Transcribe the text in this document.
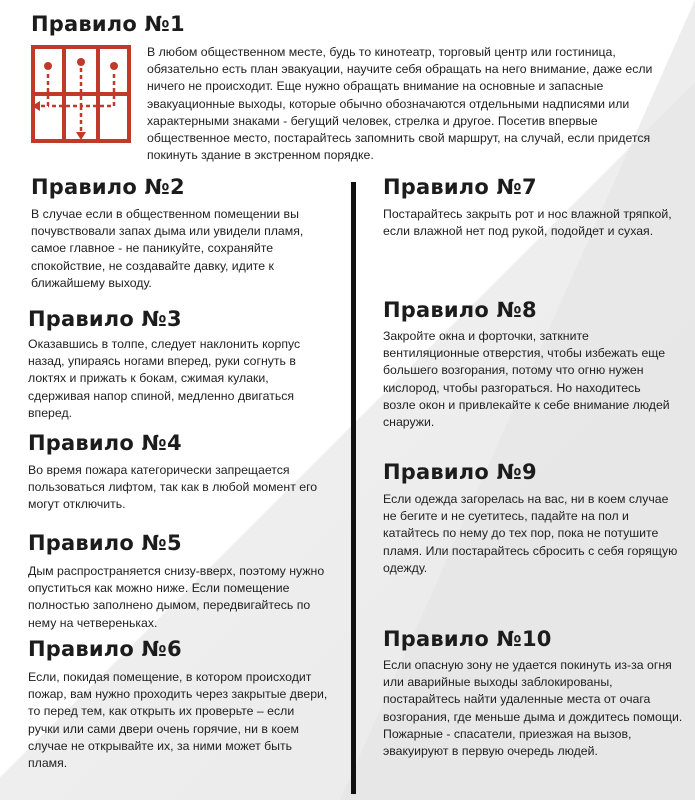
Правило №1
В любом общественном месте, будь то кинотеатр, торговый центр или гостиница, обязательно есть план эвакуации, научите себя обращать на него внимание, даже если ничего не происходит. Еще нужно обращать внимание на основные и запасные эвакуационные выходы, которые обычно обозначаются отдельными надписями или характерными знаками - бегущий человек, стрелка и другое. Посетив впервые общественное место, постарайтесь запомнить свой маршрут, на случай, если придется покинуть здание в экстренном порядке.
Правило №2
В случае если в общественном помещении вы почувствовали запах дыма или увидели пламя, самое главное - не паникуйте, сохраняйте спокойствие, не создавайте давку, идите к ближайшему выходу.
Правило №3
Оказавшись в толпе, следует наклонить корпус назад, упираясь ногами вперед, руки согнуть в локтях и прижать к бокам, сжимая кулаки, сдерживая напор спиной, медленно двигаться вперед.
Правило №4
Во время пожара категорически запрещается пользоваться лифтом, так как в любой момент его могут отключить.
Правило №5
Дым распространяется снизу-вверх, поэтому нужно опуститься как можно ниже. Если помещение полностью заполнено дымом, передвигайтесь по нему на четвереньках.
Правило №6
Если, покидая помещение, в котором происходит пожар, вам нужно проходить через закрытые двери, то перед тем, как открыть их проверьте – если ручки или сами двери очень горячие, ни в коем случае не открывайте их, за ними может быть пламя.
Правило №7
Постарайтесь закрыть рот и нос влажной тряпкой, если влажной нет под рукой, подойдет и сухая.
Правило №8
Закройте окна и форточки, заткните вентиляционные отверстия, чтобы избежать еще большего возгорания, потому что огню нужен кислород, чтобы разгораться. Но находитесь возле окон и привлекайте к себе внимание людей снаружи.
Правило №9
Если одежда загорелась на вас, ни в коем случае не бегите и не суетитесь, падайте на пол и катайтесь по нему до тех пор, пока не потушите пламя. Или постарайтесь сбросить с себя горящую одежду.
Правило №10
Если опасную зону не удается покинуть из-за огня или аварийные выходы заблокированы, постарайтесь найти удаленные места от очага возгорания, где меньше дыма и дождитесь помощи. Пожарные - спасатели, приезжая на вызов, эвакуируют в первую очередь людей.
